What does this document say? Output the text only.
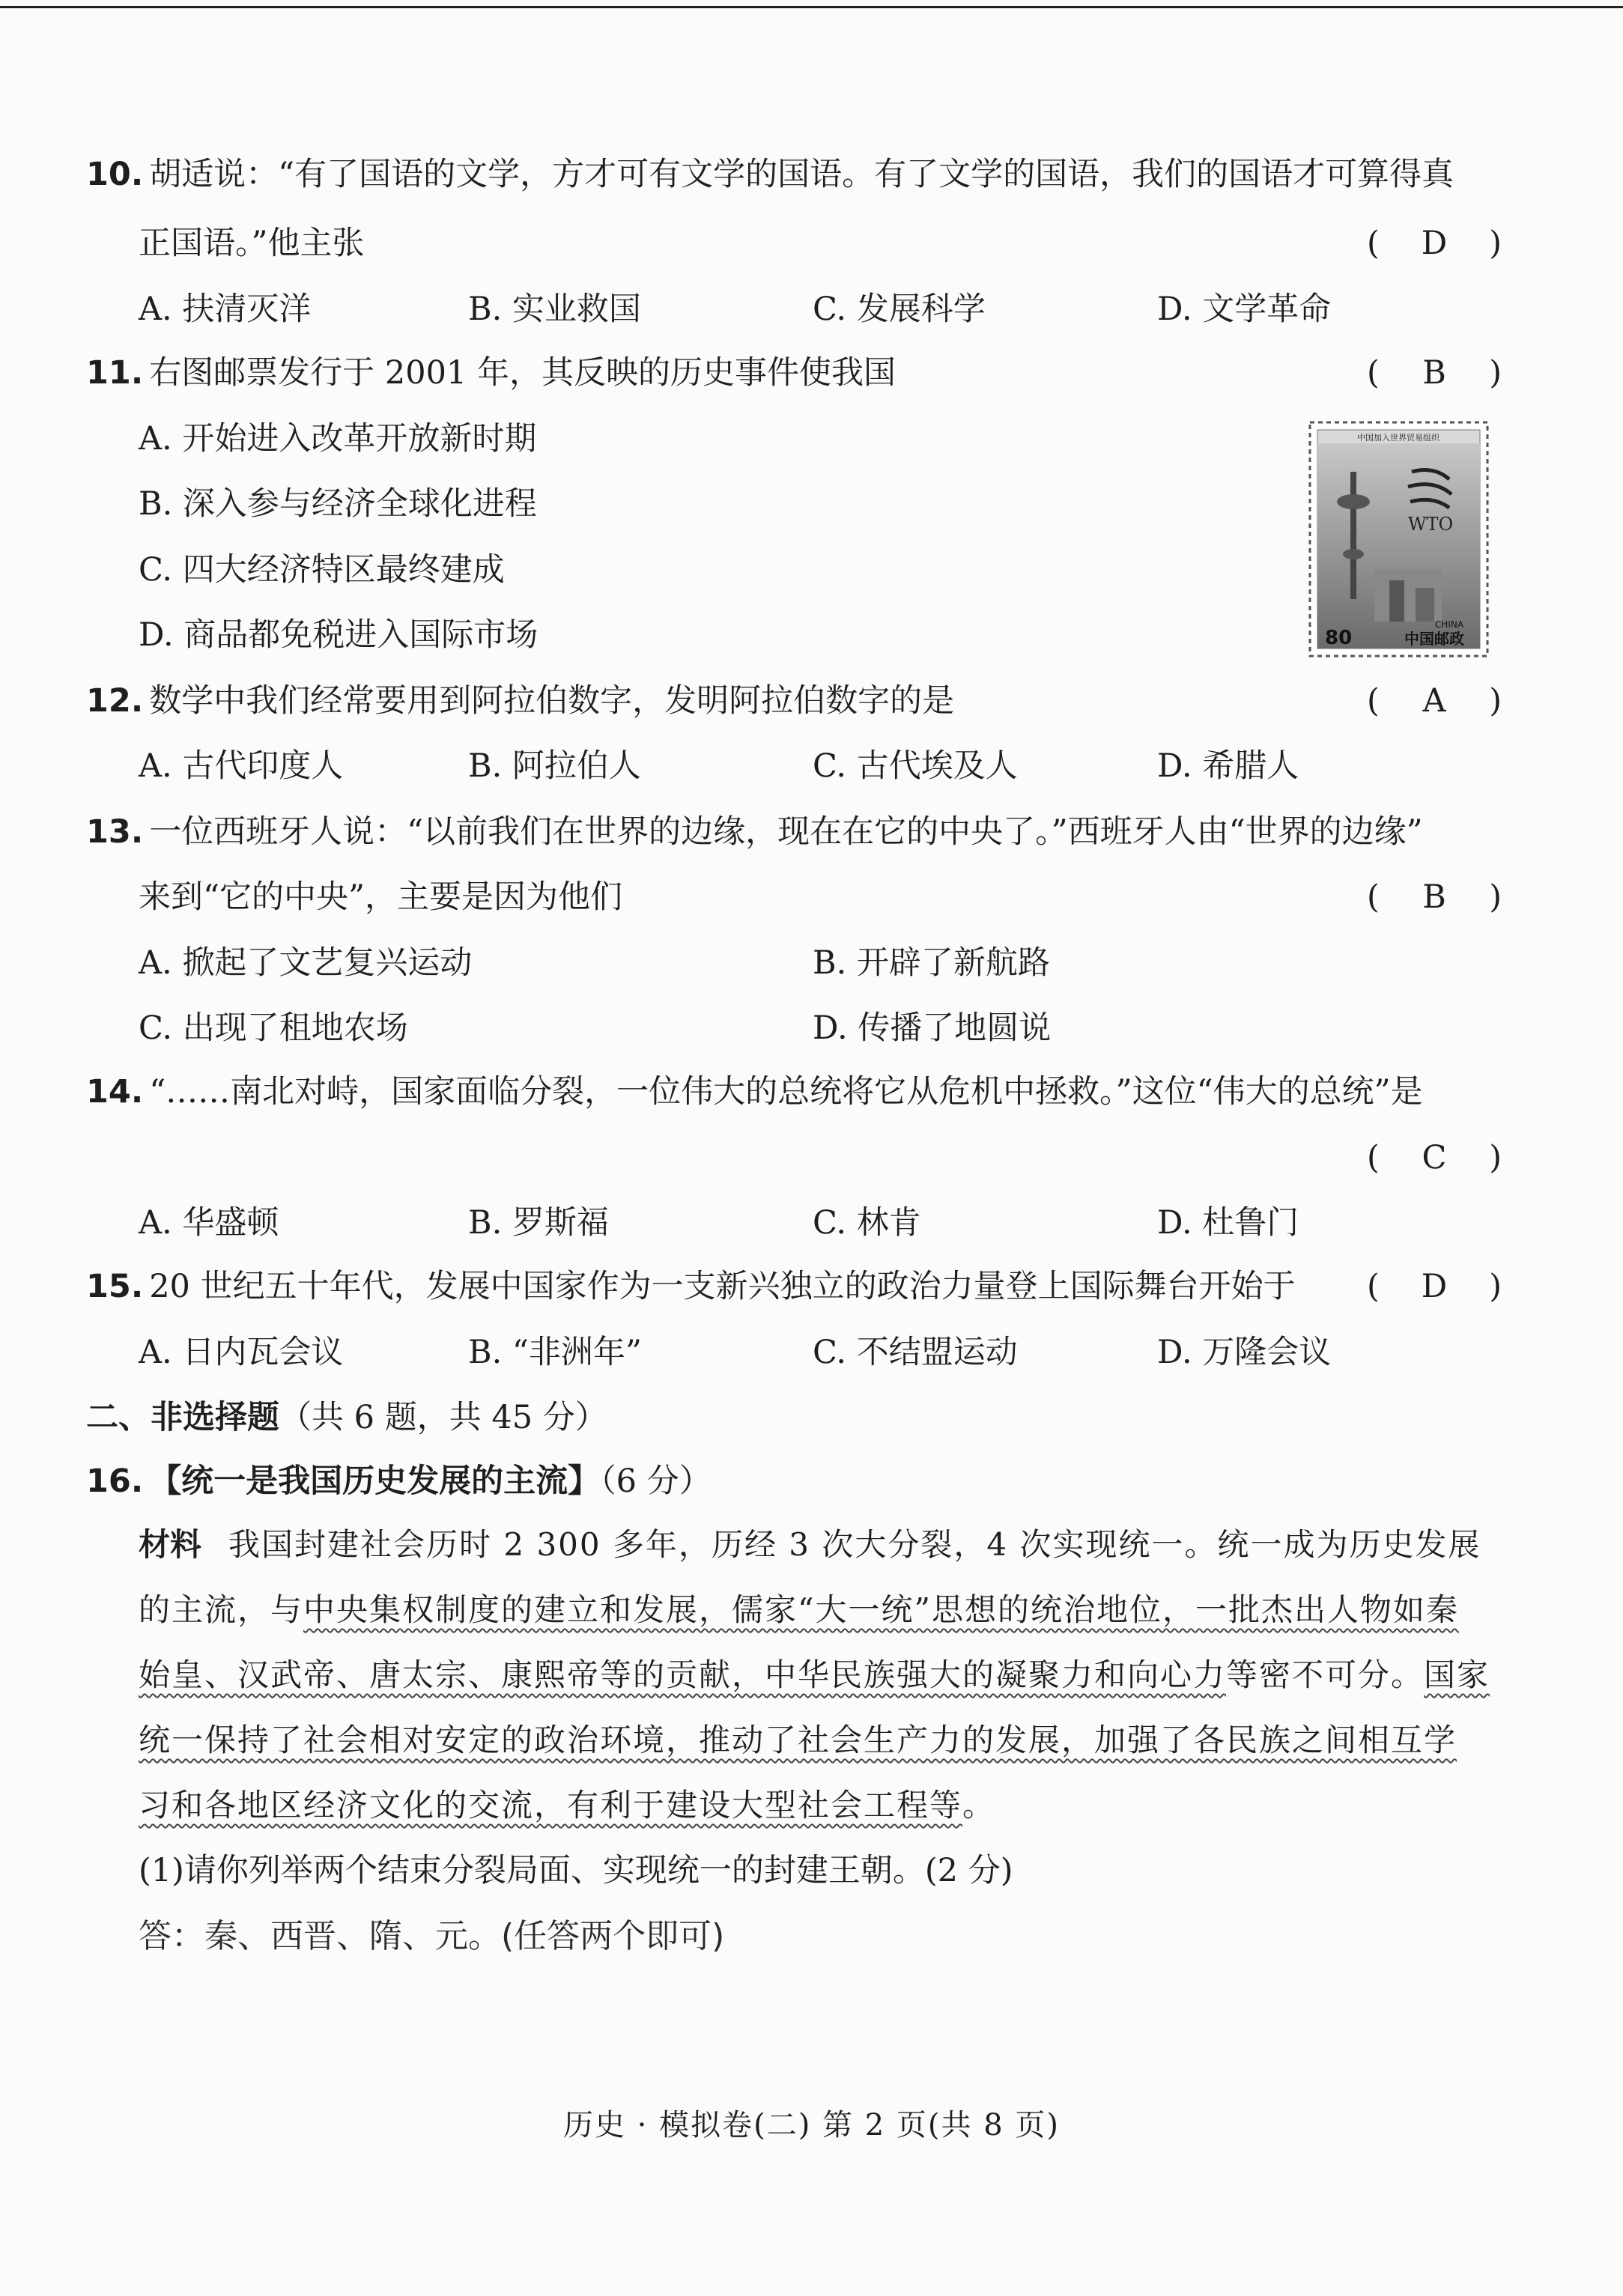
10. 胡适说：“有了国语的文学，方才可有文学的国语。有了文学的国语，我们的国语才可算得真
正国语。”他主张	( D )
A. 扶清灭洋	B. 实业救国	C. 发展科学	D. 文学革命
11. 右图邮票发行于 2001 年，其反映的历史事件使我国	( B )
A. 开始进入改革开放新时期
B. 深入参与经济全球化进程
C. 四大经济特区最终建成
D. 商品都免税进入国际市场
中国加入世界贸易组织
WTO
80
CHINA
中国邮政
12. 数学中我们经常要用到阿拉伯数字，发明阿拉伯数字的是	( A )
A. 古代印度人	B. 阿拉伯人	C. 古代埃及人	D. 希腊人
13. 一位西班牙人说：“以前我们在世界的边缘，现在在它的中央了。”西班牙人由“世界的边缘”
来到“它的中央”，主要是因为他们	( B )
A. 掀起了文艺复兴运动	B. 开辟了新航路
C. 出现了租地农场	D. 传播了地圆说
14. “……南北对峙，国家面临分裂，一位伟大的总统将它从危机中拯救。”这位“伟大的总统”是
( C )
A. 华盛顿	B. 罗斯福	C. 林肯	D. 杜鲁门
15. 20 世纪五十年代，发展中国家作为一支新兴独立的政治力量登上国际舞台开始于 ( D )
A. 日内瓦会议	B. “非洲年”	C. 不结盟运动	D. 万隆会议
二、非选择题（共 6 题，共 45 分）
16. 【统一是我国历史发展的主流】（6 分）
材料 我国封建社会历时 2 300 多年，历经 3 次大分裂，4 次实现统一。统一成为历史发展
的主流，与中央集权制度的建立和发展，儒家“大一统”思想的统治地位，一批杰出人物如秦
始皇、汉武帝、唐太宗、康熙帝等的贡献，中华民族强大的凝聚力和向心力等密不可分。国家
统一保持了社会相对安定的政治环境，推动了社会生产力的发展，加强了各民族之间相互学
习和各地区经济文化的交流，有利于建设大型社会工程等。
(1)请你列举两个结束分裂局面、实现统一的封建王朝。(2 分)
答：秦、西晋、隋、元。(任答两个即可)
历史 · 模拟卷(二) 第 2 页(共 8 页)
